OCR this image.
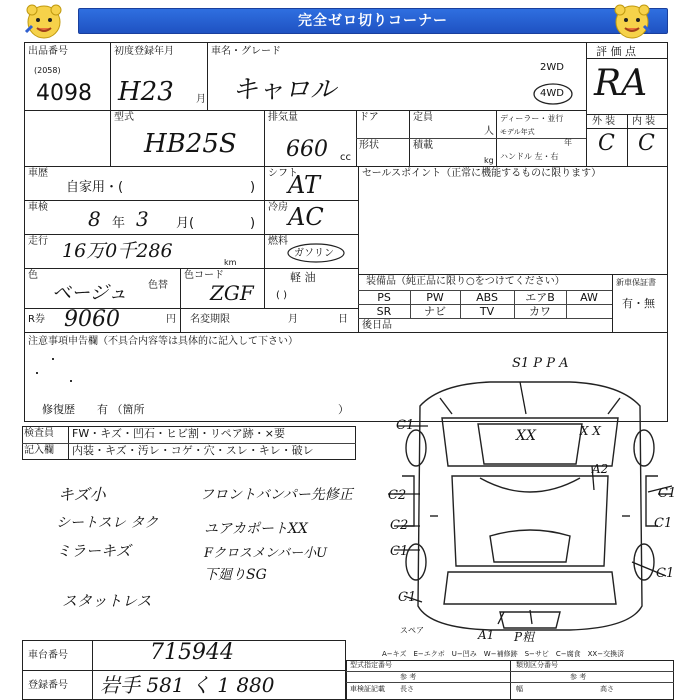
完全ゼロ切りコーナー
出品番号
(2058)
4098
初度登録年月
H23 月
車名・グレード
キャロル
2WD
4WD
評 価 点
RA
外 装 内 装
C C
型式
HB25S
排気量
660 cc
ドア
形状
定員
人
積載
kg
ディーラー・並行
モデル年式
年
ハンドル 左・右
車歴
自家用・(	)
シフト
AT
車検 8 年 3 月(	)
冷房 AC
走行 16万0千286
km
燃料
ガソリン
軽 油
( )
色
ベージュ 色替
色コード
ZGF
R券 9060	円 名変期限	月	日
セールスポイント（正常に機能するものに限ります）
装備品（純正品に限り○をつけてください）	新車保証書
有・無
PS	PW	ABS	エアB	AW
SR	ナビ	TV	カワ
後日品
注意事項申告欄（不具合内容等は具体的に記入して下さい）
修復歴　　有 （箇所	）
検査員
記入欄
FW・キズ・凹石・ヒビ割・リペア跡・×要
内装・キズ・汚レ・コゲ・穴・スレ・キレ・破レ
キズ小
シートスレ タク
ミラーキズ
スタットレス
フロントバンパー先修正
ユアカポートXX
Fクロスメンバー小U
下廻りSG
S1 P P A
XX	X X
C1
A2
C1
C2
C2
C1
C1
C1
C1
A1 P粗
スペア
A−キズ　E−エクボ　U−凹み　W−補修跡　S−サビ　C−腐食　XX−交換済
車台番号	715944
登録番号 岩手 581 く 1 880
型式指定番号
参 考
類別区分番号
参 考
車検証記載 長さ	幅	高さ
